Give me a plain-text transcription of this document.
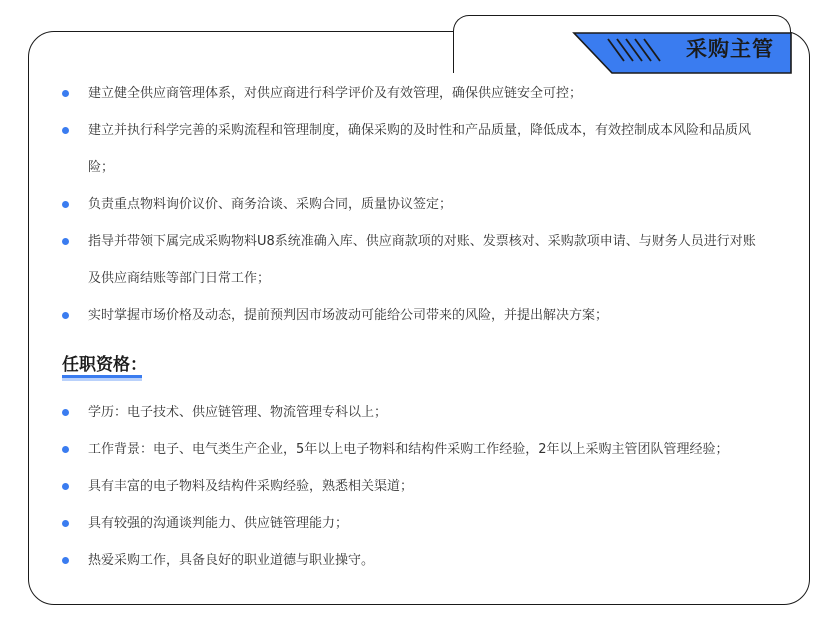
采购主管
建立健全供应商管理体系，对供应商进行科学评价及有效管理，确保供应链安全可控；
建立并执行科学完善的采购流程和管理制度，确保采购的及时性和产品质量，降低成本，有效控制成本风险和品质风险；
负责重点物料询价议价、商务洽谈、采购合同，质量协议签定；
指导并带领下属完成采购物料U8系统准确入库、供应商款项的对账、发票核对、采购款项申请、与财务人员进行对账及供应商结账等部门日常工作；
实时掌握市场价格及动态，提前预判因市场波动可能给公司带来的风险，并提出解决方案；
任职资格：
学历：电子技术、供应链管理、物流管理专科以上；
工作背景：电子、电气类生产企业，5年以上电子物料和结构件采购工作经验，2年以上采购主管团队管理经验；
具有丰富的电子物料及结构件采购经验，熟悉相关渠道；
具有较强的沟通谈判能力、供应链管理能力；
热爱采购工作，具备良好的职业道德与职业操守。
